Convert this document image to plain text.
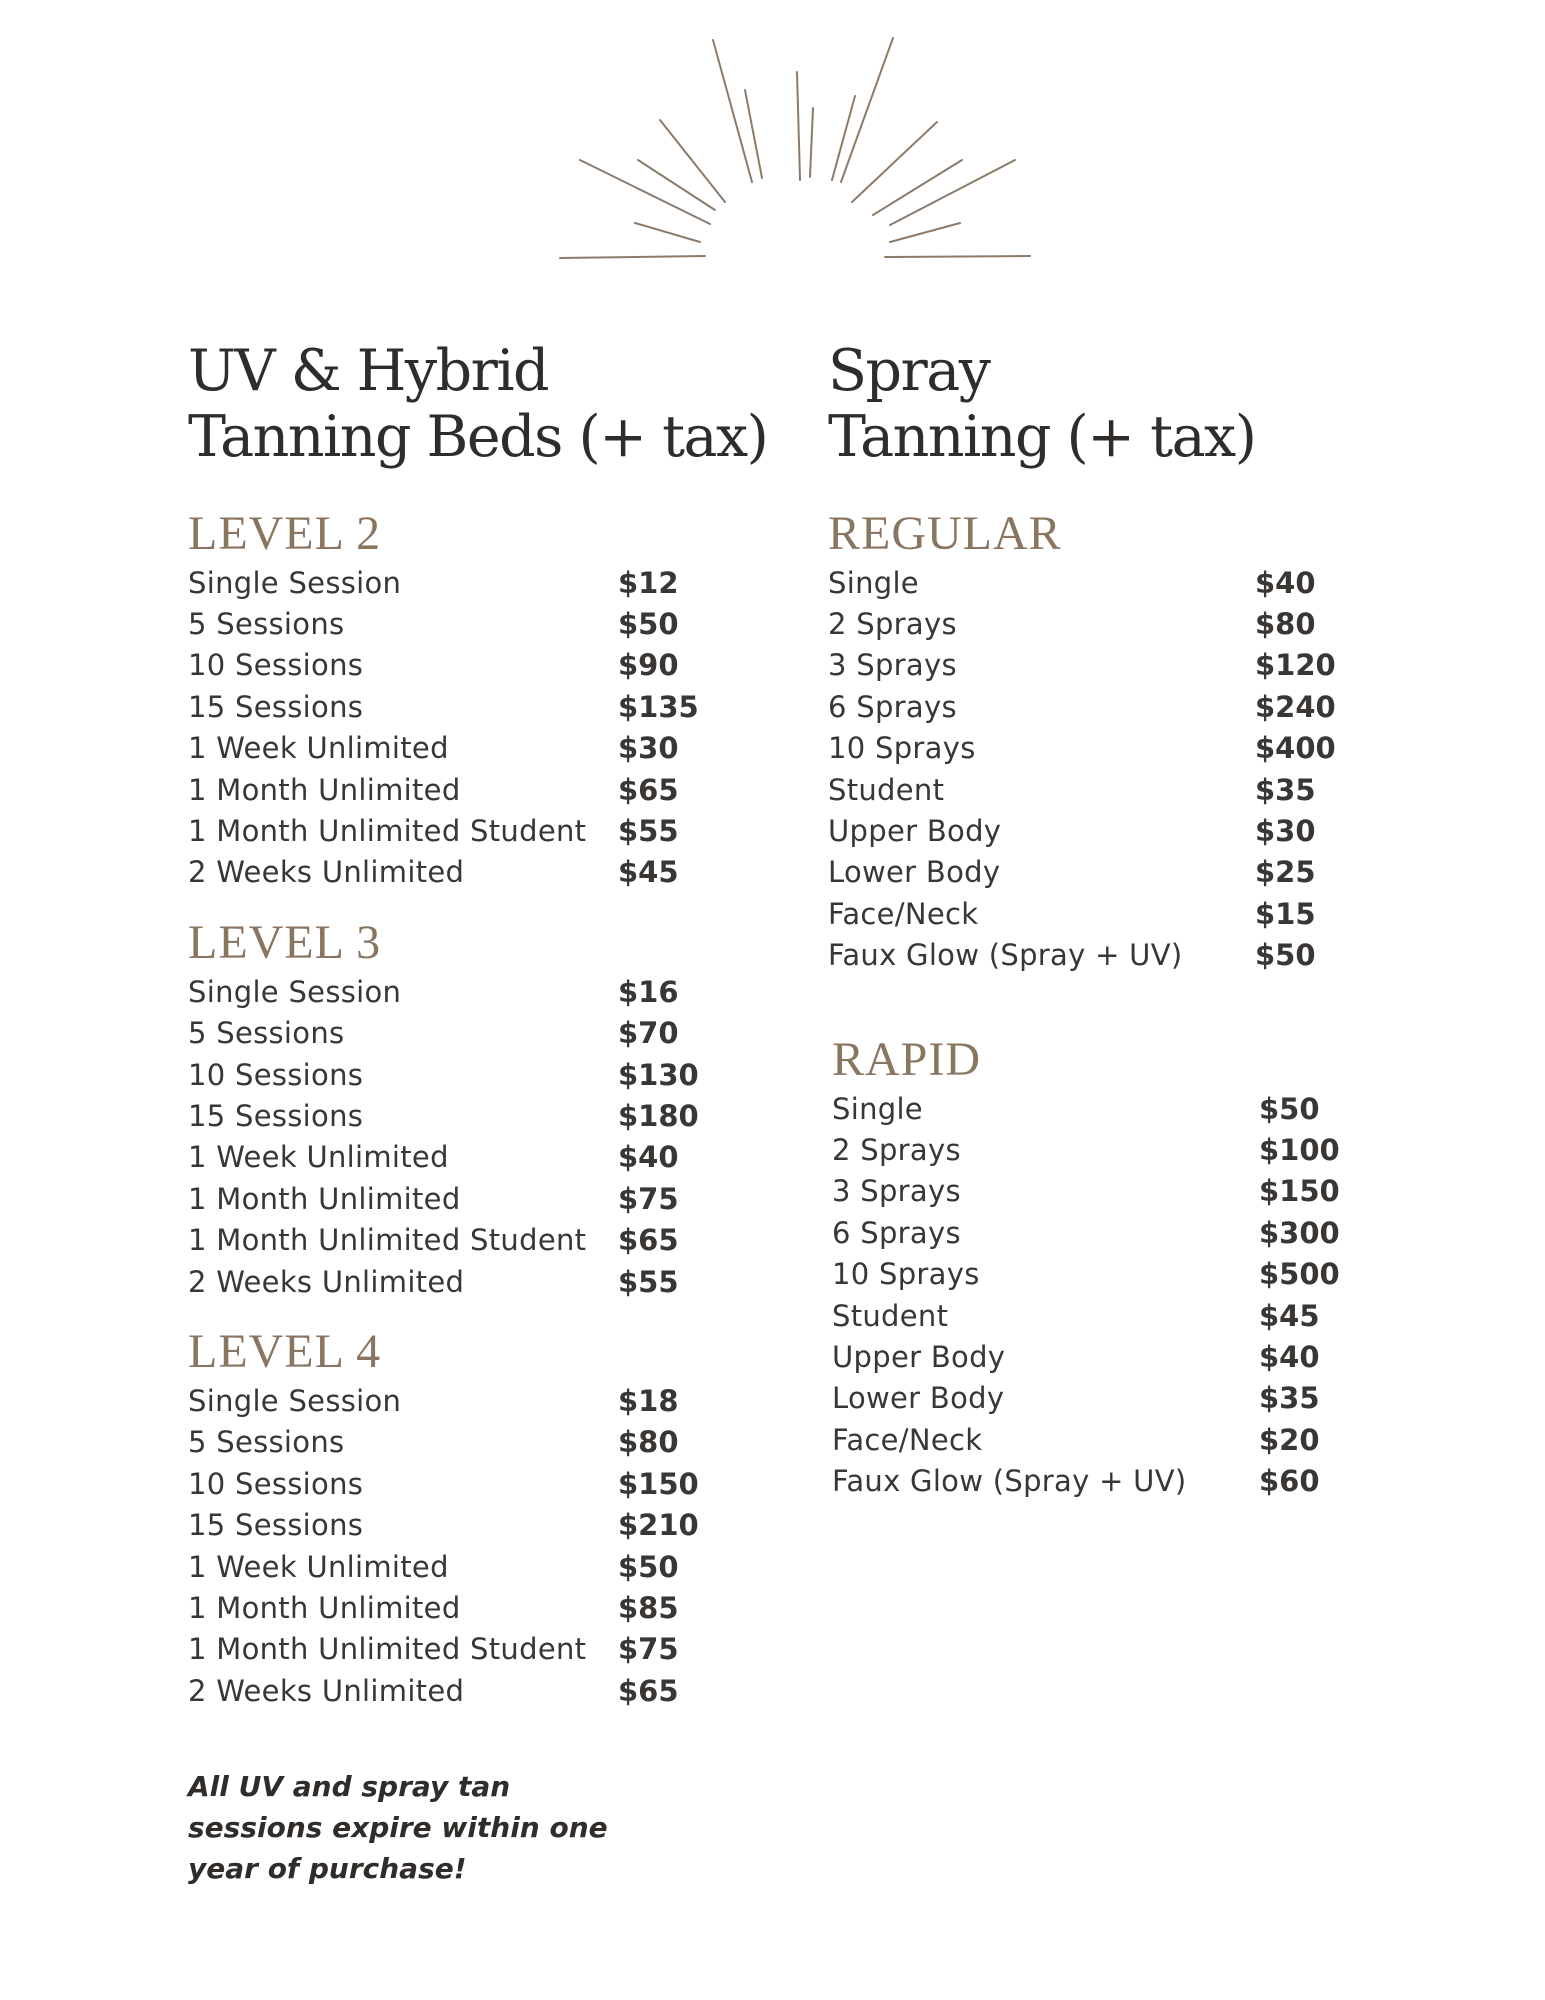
UV & Hybrid
Tanning Beds (+ tax)
LEVEL 2
Single Session	$12
5 Sessions	$50
10 Sessions	$90
15 Sessions	$135
1 Week Unlimited	$30
1 Month Unlimited	$65
1 Month Unlimited Student	$55
2 Weeks Unlimited	$45
LEVEL 3
Single Session	$16
5 Sessions	$70
10 Sessions	$130
15 Sessions	$180
1 Week Unlimited	$40
1 Month Unlimited	$75
1 Month Unlimited Student	$65
2 Weeks Unlimited	$55
LEVEL 4
Single Session	$18
5 Sessions	$80
10 Sessions	$150
15 Sessions	$210
1 Week Unlimited	$50
1 Month Unlimited	$85
1 Month Unlimited Student	$75
2 Weeks Unlimited	$65
Spray
Tanning (+ tax)
REGULAR
Single	$40
2 Sprays	$80
3 Sprays	$120
6 Sprays	$240
10 Sprays	$400
Student	$35
Upper Body	$30
Lower Body	$25
Face/Neck	$15
Faux Glow (Spray + UV)	$50
RAPID
Single	$50
2 Sprays	$100
3 Sprays	$150
6 Sprays	$300
10 Sprays	$500
Student	$45
Upper Body	$40
Lower Body	$35
Face/Neck	$20
Faux Glow (Spray + UV)	$60

All UV and spray tan sessions expire within one year of purchase!
